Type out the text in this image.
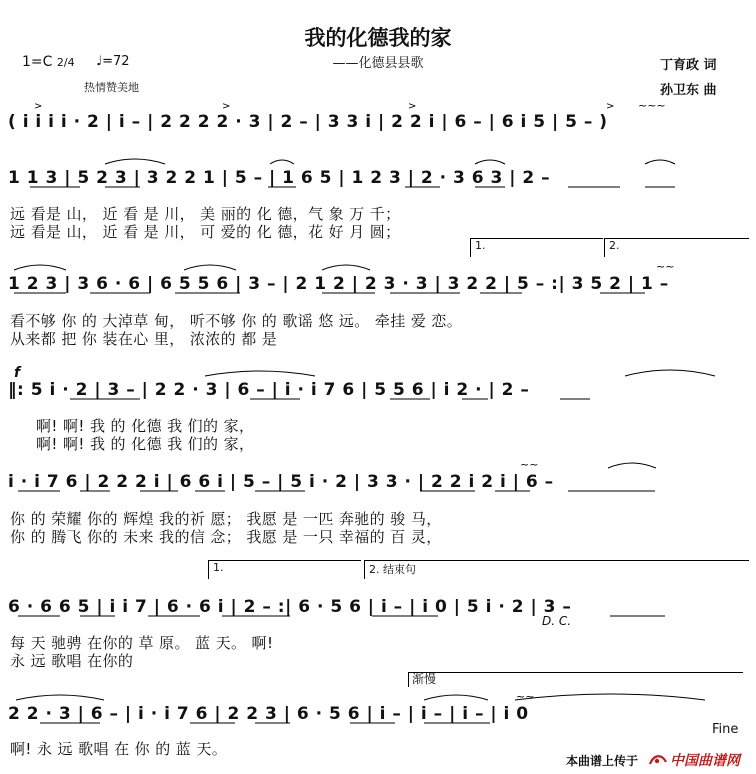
我的化德我的家
——化德县县歌
1=C 2/4 ♩=72
热情赞美地
丁育政 词
孙卫东 曲
( i i i i · 2 | i – | 2 2 2 2 · 3 | 2 – | 3 3 i | 2 2 i | 6 – | 6 i 5 | 5 – )
1 1 3 | 5 2 3 | 3 2 2 1 | 5 – | 1 6 5 | 1 2 3 | 2 · 3 6 3 | 2 –
远 看是 山， 近 看 是 川， 美 丽的 化 德，气 象 万 千；
远 看是 山， 近 看 是 川， 可 爱的 化 德，花 好 月 圆；
1.	2.
1 2 3 | 3 6 · 6 | 6 5 5 6 | 3 – | 2 1 2 | 2 3 · 3 | 3 2 2 | 5 – :| 3 5 2 | 1 –
看不够 你 的 大淖草 甸， 听不够 你 的 歌谣 悠 远。 牵挂 爱 恋。
从来都 把 你 装在心 里， 浓浓的 都 是
f
‖: 5 i · 2 | 3 – | 2 2 · 3 | 6 – | i · i 7 6 | 5 5 6 | i 2 · | 2 –
啊! 啊! 我 的 化德 我 们的 家，
啊! 啊! 我 的 化德 我 们的 家，
i · i 7 6 | 2 2 2 i | 6 6 i | 5 – | 5 i · 2 | 3 3 · | 2 2 i 2 i | 6 –
你 的 荣耀 你的 辉煌 我的祈 愿； 我愿 是 一匹 奔驰的 骏 马，
你 的 腾飞 你的 未来 我的信 念； 我愿 是 一只 幸福的 百 灵，
1.	2. 结束句
6 · 6 6 5 | i i 7 | 6 · 6 i | 2 – :| 6 · 5 6 | i – | i 0 | 5 i · 2 | 3 –
D. C.
每 天 驰骋 在你的 草 原。 蓝 天。 啊!
永 远 歌唱 在你的
渐慢
2 2 · 3 | 6 – | i · i 7 6 | 2 2 3 | 6 · 5 6 | i – | i – | i – | i 0
Fine
啊! 永 远 歌唱 在 你 的 蓝 天。
本曲谱上传于 中国曲谱网
>	>	>	> ~~~
~~
~~
~~
